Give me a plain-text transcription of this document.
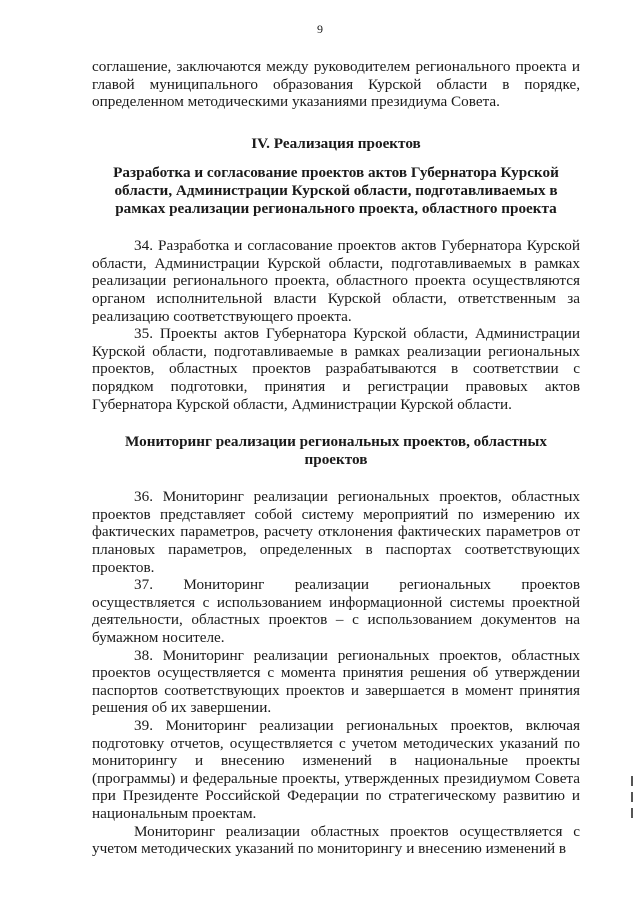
9

соглашение, заключаются между руководителем регионального проекта и главой муниципального образования Курской области в порядке, определенном методическими указаниями президиума Совета.

IV. Реализация проектов

Разработка и согласование проектов актов Губернатора Курской области, Администрации Курской области, подготавливаемых в рамках реализации регионального проекта, областного проекта

34. Разработка и согласование проектов актов Губернатора Курской области, Администрации Курской области, подготавливаемых в рамках реализации регионального проекта, областного проекта осуществляются органом исполнительной власти Курской области, ответственным за реализацию соответствующего проекта.

35. Проекты актов Губернатора Курской области, Администрации Курской области, подготавливаемые в рамках реализации региональных проектов, областных проектов разрабатываются в соответствии с порядком подготовки, принятия и регистрации правовых актов Губернатора Курской области, Администрации Курской области.

Мониторинг реализации региональных проектов, областных проектов

36. Мониторинг реализации региональных проектов, областных проектов представляет собой систему мероприятий по измерению их фактических параметров, расчету отклонения фактических параметров от плановых параметров, определенных в паспортах соответствующих проектов.

37. Мониторинг реализации региональных проектов осуществляется с использованием информационной системы проектной деятельности, областных проектов – с использованием документов на бумажном носителе.

38. Мониторинг реализации региональных проектов, областных проектов осуществляется с момента принятия решения об утверждении паспортов соответствующих проектов и завершается в момент принятия решения об их завершении.

39. Мониторинг реализации региональных проектов, включая подготовку отчетов, осуществляется с учетом методических указаний по мониторингу и внесению изменений в национальные проекты (программы) и федеральные проекты, утвержденных президиумом Совета при Президенте Российской Федерации по стратегическому развитию и национальным проектам.

Мониторинг реализации областных проектов осуществляется с учетом методических указаний по мониторингу и внесению изменений в
